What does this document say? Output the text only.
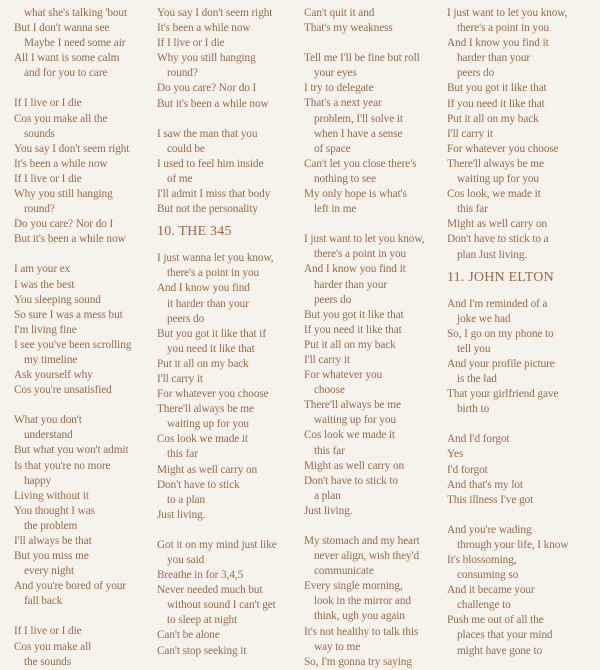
what she's talking 'bout
But I don't wanna see
Maybe I need some air
All I want is some calm
and for you to care
If I live or I die
Cos you make all the
sounds
You say I don't seem right
It's been a while now
If I live or I die
Why you still hanging
round?
Do you care? Nor do I
But it's been a while now
I am your ex
I was the best
You sleeping sound
So sure I was a mess but
I'm living fine
I see you've been scrolling
my timeline
Ask yourself why
Cos you're unsatisfied
What you don't
understand
But what you won't admit
Is that you're no more
happy
Living without it
You thought I was
the problem
I'll always be that
But you miss me
every night
And you're bored of your
fall back
If I live or I die
Cos you make all
the sounds
You say I don't seem right
It's been a while now
If I live or I die
Why you still hanging
round?
Do you care? Nor do I
But it's been a while now
I saw the man that you
could be
I used to feel him inside
of me
I'll admit I miss that body
But not the personality
10. THE 345
I just wanna let you know,
there's a point in you
And I know you find
it harder than your
peers do
But you got it like that if
you need it like that
Put it all on my back
I'll carry it
For whatever you choose
There'll always be me
waiting up for you
Cos look we made it
this far
Might as well carry on
Don't have to stick
to a plan
Just living.
Got it on my mind just like
you said
Breathe in for 3,4,5
Never needed much but
without sound I can't get
to sleep at night
Can't be alone
Can't stop seeking it
Can't quit it and
That's my weakness
Tell me I'll be fine but roll
your eyes
I try to delegate
That's a next year
problem, I'll solve it
when I have a sense
of space
Can't let you close there's
nothing to see
My only hope is what's
left in me
I just want to let you know,
there's a point in you
And I know you find it
harder than your
peers do
But you got it like that
If you need it like that
Put it all on my back
I'll carry it
For whatever you
choose
There'll always be me
waiting up for you
Cos look we made it
this far
Might as well carry on
Don't have to stick to
a plan
Just living.
My stomach and my heart
never align, wish they'd
communicate
Every single morning,
look in the mirror and
think, ugh you again
It's not healthy to talk this
way to me
So, I'm gonna try saying
I just want to let you know,
there's a point in you
And I know you find it
harder than your
peers do
But you got it like that
If you need it like that
Put it all on my back
I'll carry it
For whatever you choose
There'll always be me
waiting up for you
Cos look, we made it
this far
Might as well carry on
Don't have to stick to a
plan Just living.
11. JOHN ELTON
And I'm reminded of a
joke we had
So, I go on my phone to
tell you
And your profile picture
is the lad
That your girlfriend gave
birth to
And I'd forgot
Yes
I'd forgot
And that's my lot
This illness I've got
And you're wading
through your life, I know
It's blossoming,
consuming so
And it became your
challenge to
Push me out of all the
places that your mind
might have gone to
